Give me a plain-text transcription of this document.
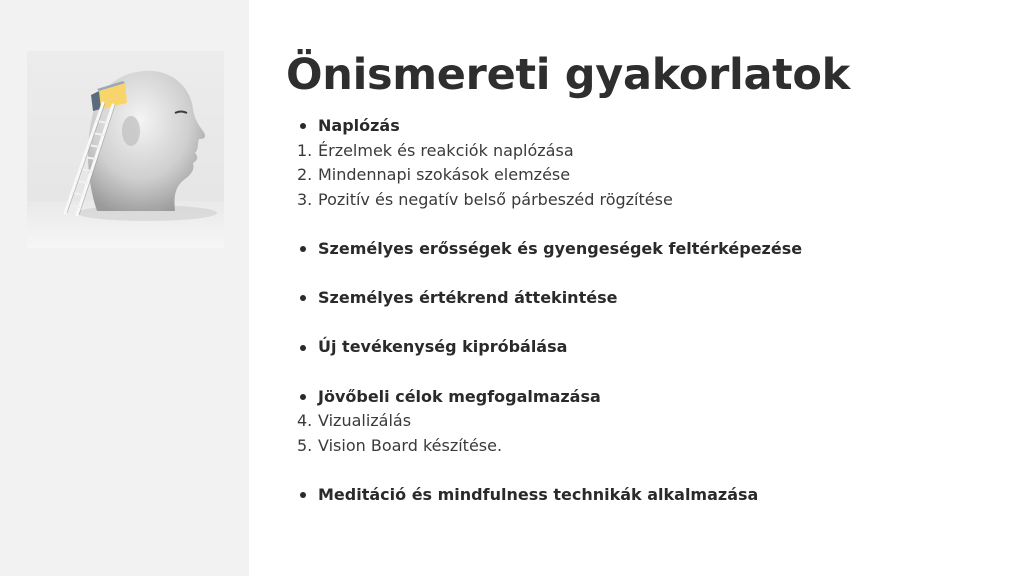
Önismereti gyakorlatok
Naplózás
1. Érzelmek és reakciók naplózása
2. Mindennapi szokások elemzése
3. Pozitív és negatív belső párbeszéd rögzítése
Személyes erősségek és gyengeségek feltérképezése
Személyes értékrend áttekintése
Új tevékenység kipróbálása
Jövőbeli célok megfogalmazása
4. Vizualizálás
5. Vision Board készítése.
Meditáció és mindfulness technikák alkalmazása
